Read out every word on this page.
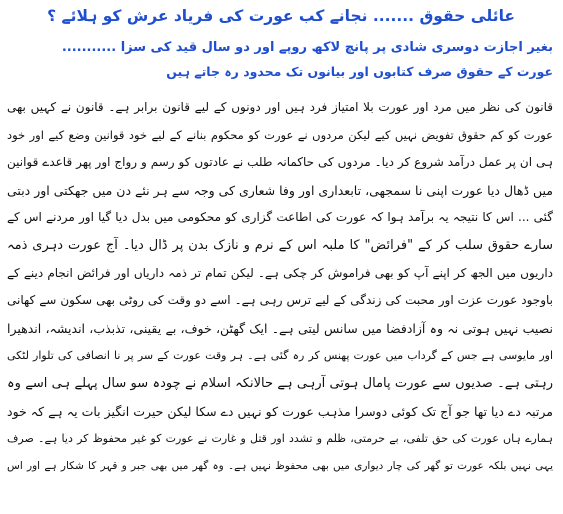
عائلی حقوق ....... نجانے کب عورت کی فریاد عرش کو ہلائے ؟
بغیر اجازت دوسری شادی پر پانچ لاکھ روپے اور دو سال قید کی سزا ...........
عورت کے حقوق صرف کتابوں اور بیانوں تک محدود رہ جاتے ہیں
قانون کی نظر میں مرد اور عورت بلا امتیاز فرد ہیں اور دونوں کے لیے قانون برابر ہے۔ قانون نے کہیں بھی
عورت کو کم حقوق تفویض نہیں کیے لیکن مردوں نے عورت کو محکوم بنانے کے لیے خود قوانین وضع کیے اور خود
ہی ان پر عمل درآمد شروع کر دیا۔ مردوں کی حاکمانہ طلب نے عادتوں کو رسم و رواج اور پھر قاعدے قوانین
میں ڈھال دیا عورت اپنی نا سمجھی، تابعداری اور وفا شعاری کی وجہ سے ہر نئے دن میں جھکتی اور دبتی
گئی ... اس کا نتیجہ یہ برآمد ہوا کہ عورت کی اطاعت گزاری کو محکومی میں بدل دیا گیا اور مردنے اس کے
سارے حقوق سلب کر کے "فرائض" کا ملبہ اس کے نرم و نازک بدن پر ڈال دیا۔ آج عورت دہری ذمہ
داریوں میں الجھ کر اپنے آپ کو بھی فراموش کر چکی ہے۔ لیکن تمام تر ذمہ داریاں اور فرائض انجام دینے کے
باوجود عورت عزت اور محبت کی زندگی کے لیے ترس رہی ہے۔ اسے دو وقت کی روٹی بھی سکون سے کھانی
نصیب نہیں ہوتی نہ وہ آزادفضا میں سانس لیتی ہے۔ ایک گھٹن، خوف، بے یقینی، تذبذب، اندیشہ، اندھیرا
اور مایوسی ہے جس کے گرداب میں عورت پھنس کر رہ گئی ہے۔ ہر وقت عورت کے سر پر نا انصافی کی تلوار لٹکی
رہتی ہے۔ صدیوں سے عورت پامال ہوتی آرہی ہے حالانکہ اسلام نے چودہ سو سال پہلے ہی اسے وہ
مرتبہ دے دیا تھا جو آج تک کوئی دوسرا مذہب عورت کو نہیں دے سکا لیکن حیرت انگیز بات یہ ہے کہ خود
ہمارے ہاں عورت کی حق تلفی، بے حرمتی، ظلم و تشدد اور قتل و غارت نے عورت کو غیر محفوظ کر دیا ہے۔ صرف
یہی نہیں بلکہ عورت تو گھر کی چار دیواری میں بھی محفوظ نہیں ہے۔ وہ گھر میں بھی جبر و قہر کا شکار ہے اور اس
